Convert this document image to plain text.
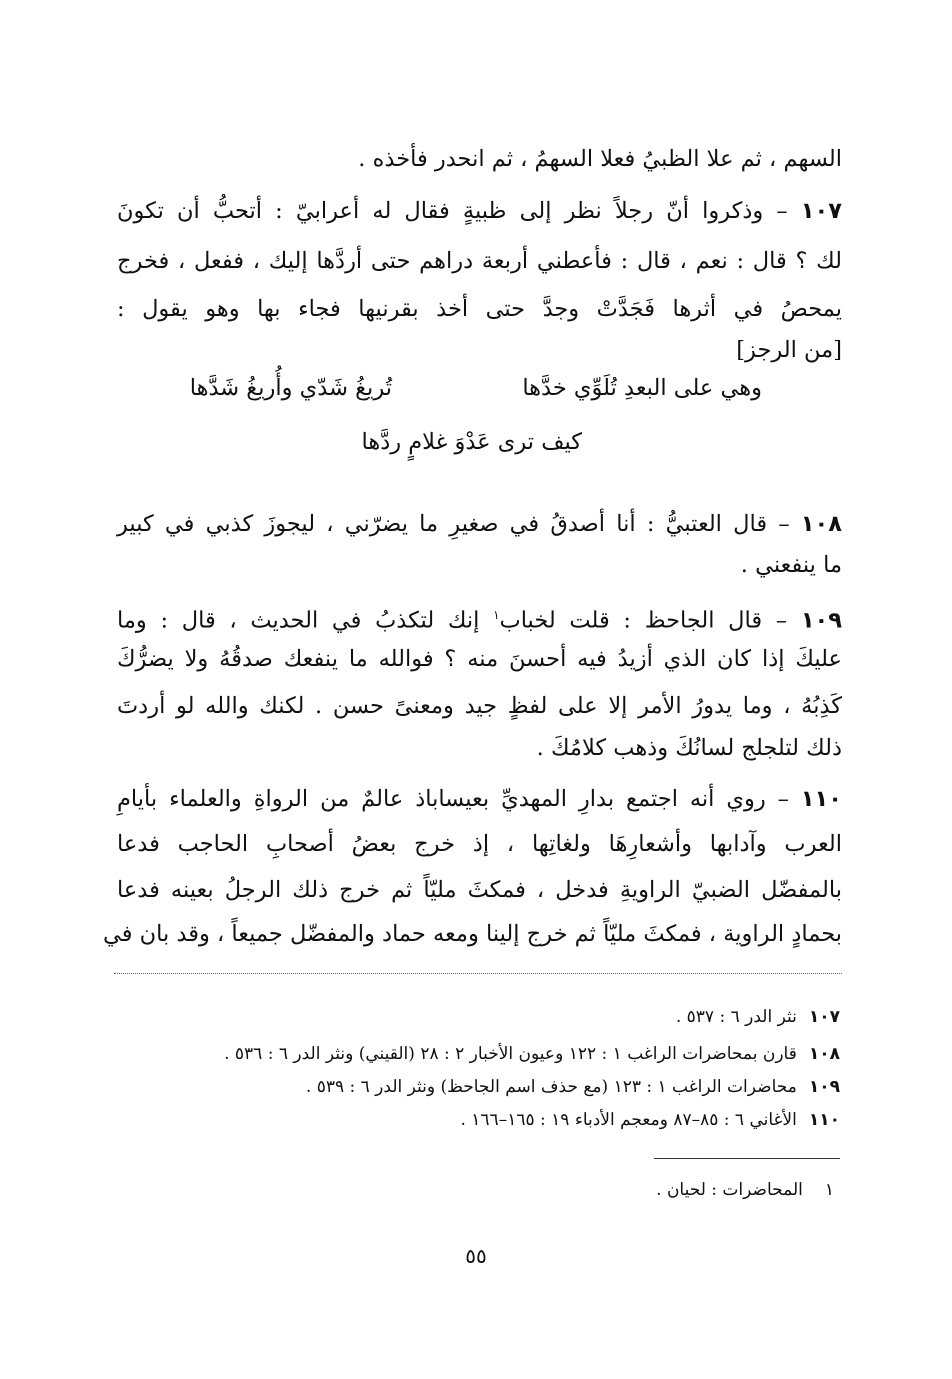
السهم ، ثم علا الظبيُ فعلا السهمُ ، ثم انحدر فأخذه .
١٠٧ – وذكروا أنّ رجلاً نظر إلى ظبيةٍ فقال له أعرابيّ : أتحبُّ أن تكونَ
لك ؟ قال : نعم ، قال : فأعطني أربعة دراهم حتى أردَّها إليك ، ففعل ، فخرج
يمحصُ في أثرها فَجَدَّتْ وجدَّ حتى أخذ بقرنيها فجاء بها وهو يقول :
[من الرجز]
وهي على البعدِ تُلَوِّي خدَّها
تُريغُ شَدّي وأُريغُ شَدَّها
كيف ترى عَدْوَ غلامٍ ردَّها
١٠٨ – قال العتبيُّ : أنا أصدقُ في صغيرِ ما يضرّني ، ليجوزَ كذبي في كبير
ما ينفعني .
١٠٩ – قال الجاحظ : قلت لخباب$^١$ إنك لتكذبُ في الحديث ، قال : وما
عليكَ إذا كان الذي أزيدُ فيه أحسنَ منه ؟ فوالله ما ينفعك صدقُهُ ولا يضرُّكَ
كَذِبُهُ ، وما يدورُ الأمر إلا على لفظٍ جيد ومعنىً حسن . لكنك والله لو أردتَ
ذلك لتلجلج لسانُكَ وذهب كلامُكَ .
١١٠ – روي أنه اجتمع بدارِ المهديِّ بعيساباذ عالمٌ من الرواةِ والعلماء بأيامِ
العرب وآدابها وأشعارِهَا ولغاتِها ، إذ خرج بعضُ أصحابِ الحاجب فدعا
بالمفضّل الضبيّ الراويةِ فدخل ، فمكثَ مليّاً ثم خرج ذلك الرجلُ بعينه فدعا
بحمادٍ الراوية ، فمكثَ مليّاً ثم خرج إلينا ومعه حماد والمفضّل جميعاً ، وقد بان في
١٠٧نثر الدر ٦ : ٥٣٧ .
١٠٨قارن بمحاضرات الراغب ١ : ١٢٢ وعيون الأخبار ٢ : ٢٨ (القيني) ونثر الدر ٦ : ٥٣٦ .
١٠٩محاضرات الراغب ١ : ١٢٣ (مع حذف اسم الجاحظ) ونثر الدر ٦ : ٥٣٩ .
١١٠الأغاني ٦ : ٨٥–٨٧ ومعجم الأدباء ١٩ : ١٦٥–١٦٦ .
١المحاضرات : لحيان .
٥٥
